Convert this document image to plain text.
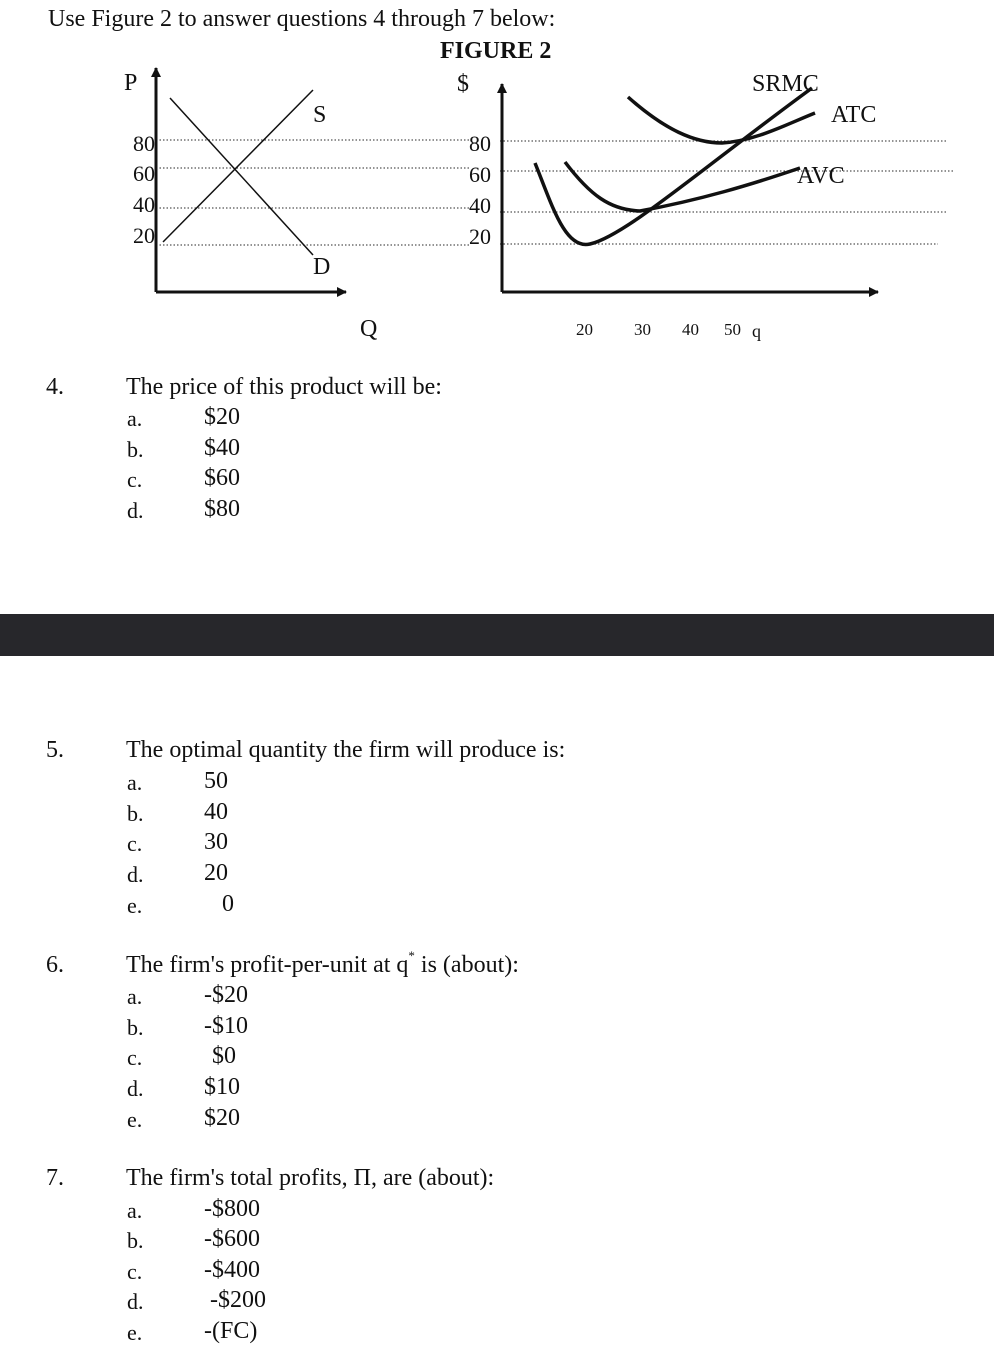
Use Figure 2 to answer questions 4 through 7 below:
FIGURE 2
P
Q
S
D
80
60
40
20
$
q
SRMC
ATC
AVC
80
60
40
20
20 30 40 50
4.	The price of this product will be:
a.	$20
b.	$40
c.	$60
d.	$80
5.	The optimal quantity the firm will produce is:
a.	50
b.	40
c.	30
d.	20
e.	0
6.	The firm's profit-per-unit at q* is (about):
a.	-$20
b.	-$10
c.	$0
d.	$10
e.	$20
7.	The firm's total profits, Π, are (about):
a.	-$800
b.	-$600
c.	-$400
d.	-$200
e.	-(FC)
